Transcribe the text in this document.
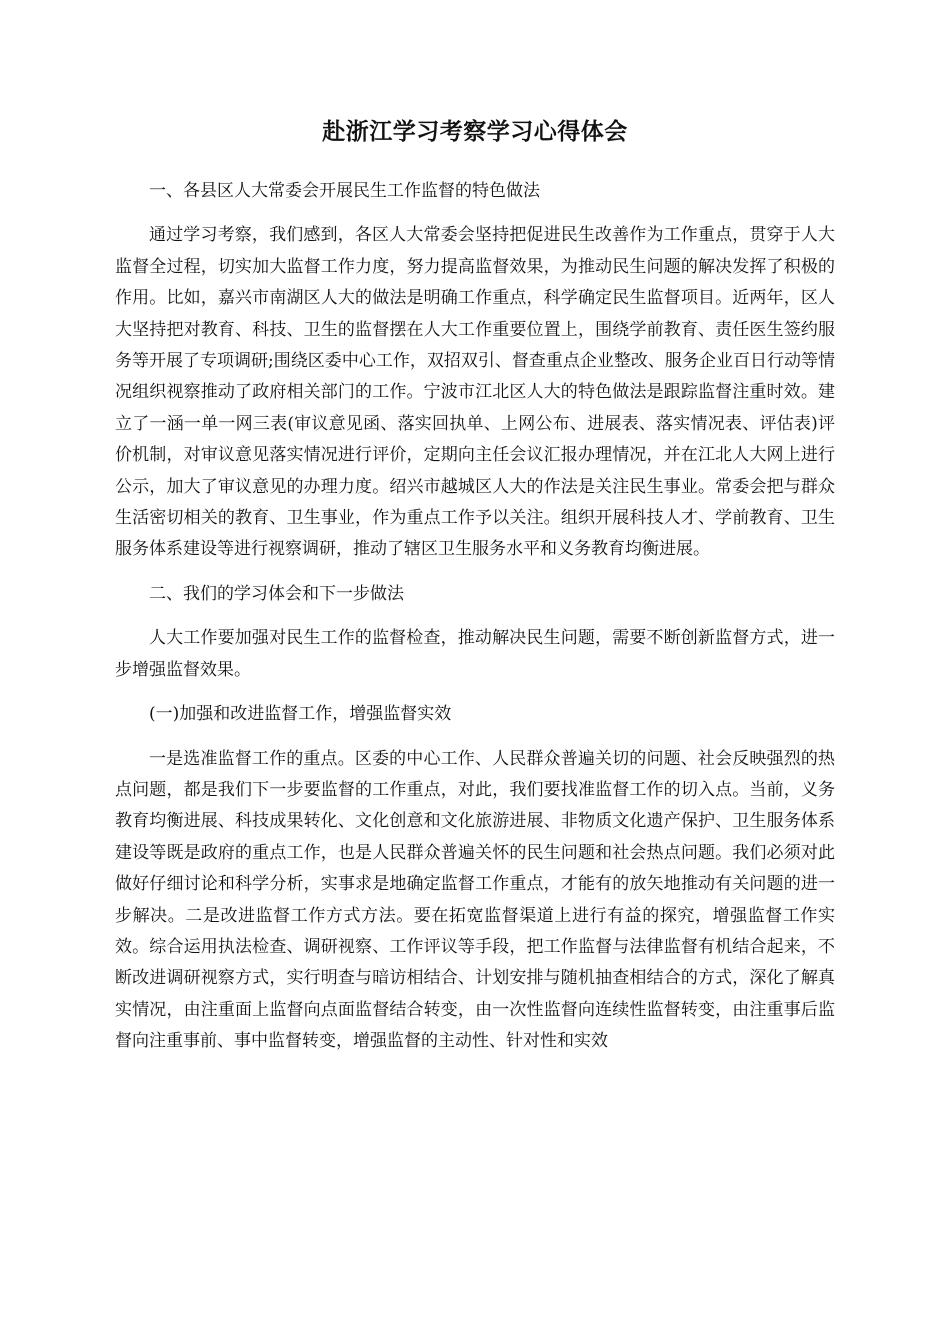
赴浙江学习考察学习心得体会

一、各县区人大常委会开展民生工作监督的特色做法

通过学习考察，我们感到，各区人大常委会坚持把促进民生改善作为工作重点，贯穿于人大监督全过程，切实加大监督工作力度，努力提高监督效果，为推动民生问题的解决发挥了积极的作用。比如，嘉兴市南湖区人大的做法是明确工作重点，科学确定民生监督项目。近两年，区人大坚持把对教育、科技、卫生的监督摆在人大工作重要位置上，围绕学前教育、责任医生签约服务等开展了专项调研;围绕区委中心工作，双招双引、督查重点企业整改、服务企业百日行动等情况组织视察推动了政府相关部门的工作。宁波市江北区人大的特色做法是跟踪监督注重时效。建立了一涵一单一网三表(审议意见函、落实回执单、上网公布、进展表、落实情况表、评估表)评价机制，对审议意见落实情况进行评价，定期向主任会议汇报办理情况，并在江北人大网上进行公示，加大了审议意见的办理力度。绍兴市越城区人大的作法是关注民生事业。常委会把与群众生活密切相关的教育、卫生事业，作为重点工作予以关注。组织开展科技人才、学前教育、卫生服务体系建设等进行视察调研，推动了辖区卫生服务水平和义务教育均衡进展。

二、我们的学习体会和下一步做法

人大工作要加强对民生工作的监督检查，推动解决民生问题，需要不断创新监督方式，进一步增强监督效果。

(一)加强和改进监督工作，增强监督实效

一是选准监督工作的重点。区委的中心工作、人民群众普遍关切的问题、社会反映强烈的热点问题，都是我们下一步要监督的工作重点，对此，我们要找准监督工作的切入点。当前，义务教育均衡进展、科技成果转化、文化创意和文化旅游进展、非物质文化遗产保护、卫生服务体系建设等既是政府的重点工作，也是人民群众普遍关怀的民生问题和社会热点问题。我们必须对此做好仔细讨论和科学分析，实事求是地确定监督工作重点，才能有的放矢地推动有关问题的进一步解决。二是改进监督工作方式方法。要在拓宽监督渠道上进行有益的探究，增强监督工作实效。综合运用执法检查、调研视察、工作评议等手段，把工作监督与法律监督有机结合起来，不断改进调研视察方式，实行明查与暗访相结合、计划安排与随机抽查相结合的方式，深化了解真实情况，由注重面上监督向点面监督结合转变，由一次性监督向连续性监督转变，由注重事后监督向注重事前、事中监督转变，增强监督的主动性、针对性和实效
